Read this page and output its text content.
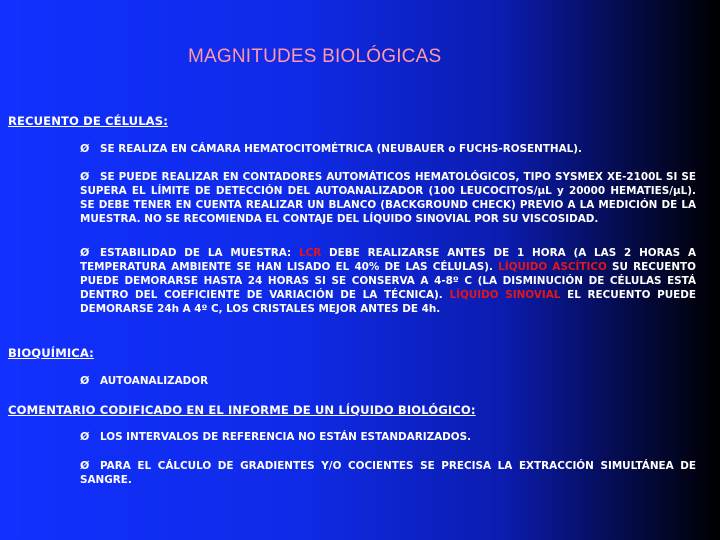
MAGNITUDES BIOLÓGICAS
RECUENTO DE CÉLULAS:
Ø	SE REALIZA EN CÁMARA HEMATOCITOMÉTRICA (NEUBAUER o FUCHS-ROSENTHAL).
Ø	SE PUEDE REALIZAR EN CONTADORES AUTOMÁTICOS HEMATOLÓGICOS, TIPO SYSMEX XE-2100L SI SE SUPERA EL LÍMITE DE DETECCIÓN DEL AUTOANALIZADOR (100 LEUCOCITOS/µL y 20000 HEMATIES/µL). SE DEBE TENER EN CUENTA REALIZAR UN BLANCO (BACKGROUND CHECK) PREVIO A LA MEDICIÓN DE LA MUESTRA. NO SE RECOMIENDA EL CONTAJE DEL LÍQUIDO SINOVIAL POR SU VISCOSIDAD.
Ø	ESTABILIDAD DE LA MUESTRA: LCR DEBE REALIZARSE ANTES DE 1 HORA (A LAS 2 HORAS A TEMPERATURA AMBIENTE SE HAN LISADO EL 40% DE LAS CÉLULAS). LÍQUIDO ASCÍTICO SU RECUENTO PUEDE DEMORARSE HASTA 24 HORAS SI SE CONSERVA A 4-8º C (LA DISMINUCIÓN DE CÉLULAS ESTÁ DENTRO DEL COEFICIENTE DE VARIACIÓN DE LA TÉCNICA). LÍQUIDO SINOVIAL EL RECUENTO PUEDE DEMORARSE 24h A 4º C, LOS CRISTALES MEJOR ANTES DE 4h.
BIOQUÍMICA:
Ø	AUTOANALIZADOR
COMENTARIO CODIFICADO EN EL INFORME DE UN LÍQUIDO BIOLÓGICO:
Ø	LOS INTERVALOS DE REFERENCIA NO ESTÁN ESTANDARIZADOS.
Ø	PARA EL CÁLCULO DE GRADIENTES Y/O COCIENTES SE PRECISA LA EXTRACCIÓN SIMULTÁNEA DE SANGRE.
